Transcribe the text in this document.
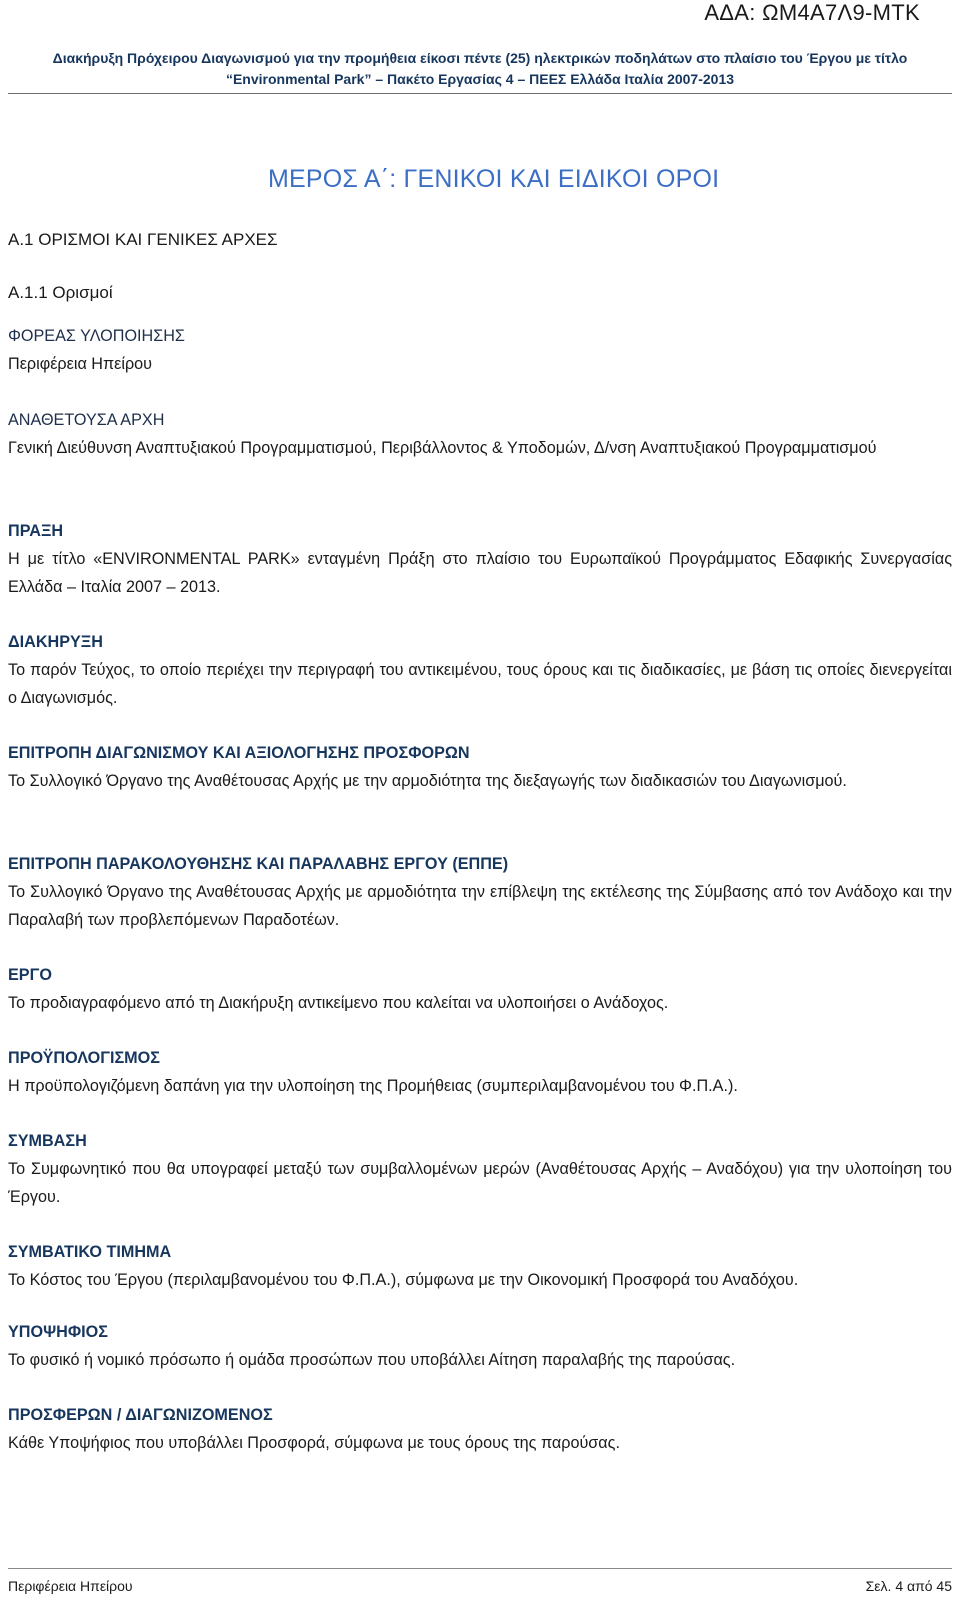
ΑΔΑ: ΩΜ4Α7Λ9-ΜΤΚ
Διακήρυξη Πρόχειρου Διαγωνισμού για την προμήθεια είκοσι πέντε (25) ηλεκτρικών ποδηλάτων στο πλαίσιο του Έργου με τίτλο
“Environmental Park” – Πακέτο Εργασίας 4 – ΠΕΕΣ Ελλάδα Ιταλία 2007-2013
ΜΕΡΟΣ Α΄: ΓΕΝΙΚΟΙ ΚΑΙ ΕΙΔΙΚΟΙ ΟΡΟΙ
Α.1 ΟΡΙΣΜΟΙ ΚΑΙ ΓΕΝΙΚΕΣ ΑΡΧΕΣ
Α.1.1 Ορισμοί
ΦΟΡΕΑΣ ΥΛΟΠΟΙΗΣΗΣ
Περιφέρεια Ηπείρου
ΑΝΑΘΕΤΟΥΣΑ ΑΡΧΗ
Γενική Διεύθυνση Αναπτυξιακού Προγραμματισμού, Περιβάλλοντος & Υποδομών, Δ/νση Αναπτυξιακού Προγραμματισμού
ΠΡΑΞΗ
Η με τίτλο «ENVIRONMENTAL PARK» ενταγμένη Πράξη στο πλαίσιο του Ευρωπαϊκού Προγράμματος Εδαφικής Συνεργασίας Ελλάδα – Ιταλία 2007 – 2013.
ΔΙΑΚΗΡΥΞΗ
Το παρόν Τεύχος, το οποίο περιέχει την περιγραφή του αντικειμένου, τους όρους και τις διαδικασίες, με βάση τις οποίες διενεργείται ο Διαγωνισμός.
ΕΠΙΤΡΟΠΗ ΔΙΑΓΩΝΙΣΜΟΥ ΚΑΙ ΑΞΙΟΛΟΓΗΣΗΣ ΠΡΟΣΦΟΡΩΝ
Το Συλλογικό Όργανο της Αναθέτουσας Αρχής με την αρμοδιότητα της διεξαγωγής των διαδικασιών του Διαγωνισμού.
ΕΠΙΤΡΟΠΗ ΠΑΡΑΚΟΛΟΥΘΗΣΗΣ ΚΑΙ ΠΑΡΑΛΑΒΗΣ ΕΡΓΟΥ (ΕΠΠΕ)
Το Συλλογικό Όργανο της Αναθέτουσας Αρχής με αρμοδιότητα την επίβλεψη της εκτέλεσης της Σύμβασης από τον Ανάδοχο και την Παραλαβή των προβλεπόμενων Παραδοτέων.
ΕΡΓΟ
Το προδιαγραφόμενο από τη Διακήρυξη αντικείμενο που καλείται να υλοποιήσει ο Ανάδοχος.
ΠΡΟΫΠΟΛΟΓΙΣΜΟΣ
Η προϋπολογιζόμενη δαπάνη για την υλοποίηση της Προμήθειας (συμπεριλαμβανομένου του Φ.Π.Α.).
ΣΥΜΒΑΣΗ
Το Συμφωνητικό που θα υπογραφεί μεταξύ των συμβαλλομένων μερών (Αναθέτουσας Αρχής – Αναδόχου) για την υλοποίηση του Έργου.
ΣΥΜΒΑΤΙΚΟ ΤΙΜΗΜΑ
Το Κόστος του Έργου (περιλαμβανομένου του Φ.Π.Α.), σύμφωνα με την Οικονομική Προσφορά του Αναδόχου.
ΥΠΟΨΗΦΙΟΣ
Το φυσικό ή νομικό πρόσωπο ή ομάδα προσώπων που υποβάλλει Αίτηση παραλαβής της παρούσας.
ΠΡΟΣΦΕΡΩΝ / ΔΙΑΓΩΝΙΖΟΜΕΝΟΣ
Κάθε Υποψήφιος που υποβάλλει Προσφορά, σύμφωνα με τους όρους της παρούσας.
Περιφέρεια Ηπείρου	Σελ. 4 από 45
